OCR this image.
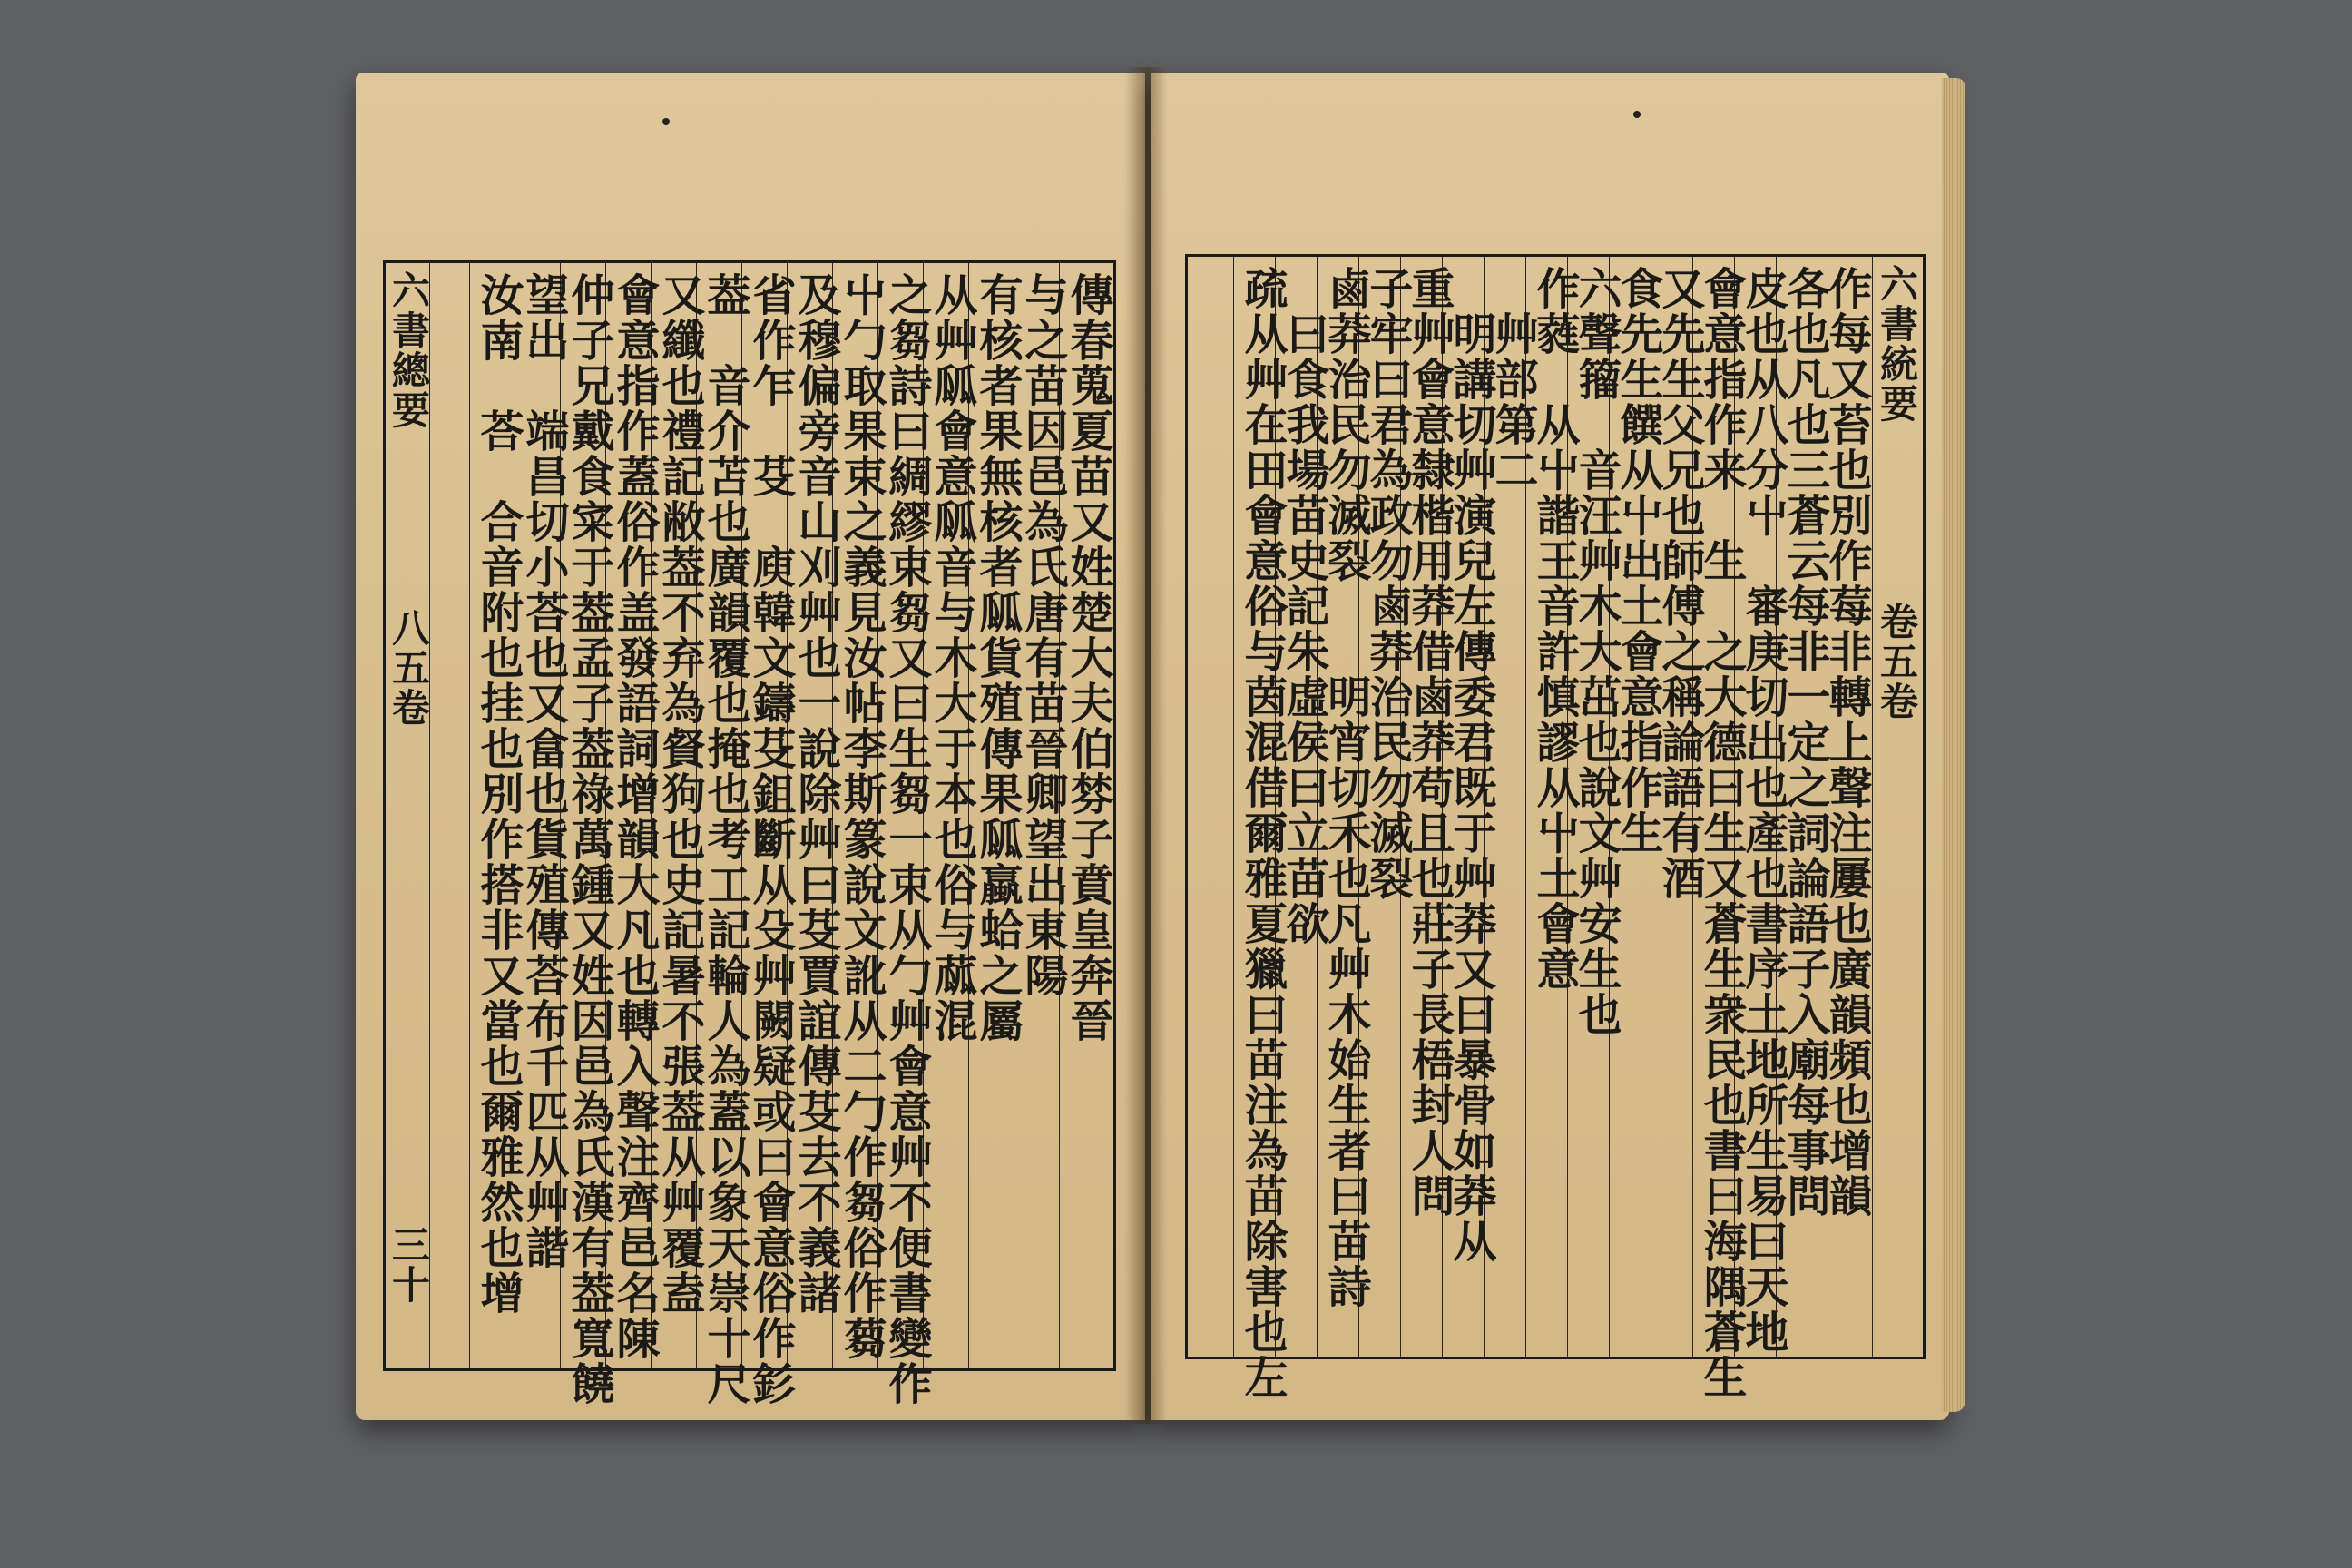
六書總要
八五卷
三十
傳春蒐夏苗又姓楚大夫伯棼子賁皇奔晉
与之苗因邑為氏唐有苗晉卿望出東陽
有核者果無核者㼌貨殖傳果㼌蠃蛤之屬
从艸㼌會意㼌音与木大于本也俗与蓏混
之芻詩曰綢繆束芻又曰生芻一束从勹艸會意艸不便書變作
屮勹取果束之義見汝帖李斯篆說文訛从二勹作芻俗作蒭
及穆偏旁音山刈艸也一說除艸曰芟賈誼傳芟去不義諸
省作乍　芟　庾韓文鑄芟鉏斷从殳艸闕疑或曰會意俗作釤
葢　音介苫也廣韻覆也掩也考工記輪人為蓋以象天崇十尺
又纖也禮記敝葢不弃為䝳狗也史記暑不張葢从艸覆盍
會意指作蓋俗作盖發語詞增韻大凡也轉入聲注齊邑名陳
仲子兄戴食寀于葢孟子葢祿萬鍾又姓因邑為氏漢有葢寬饒
望出　端昌切小荅也又畣也貨殖傳荅布千匹从艸諧
汝南　荅　合音附也挂也別作搭非又當也爾雅然也增	六書統要
卷五卷
作每又苔也別作莓非轉上聲注屢也廣韻頻也增韻
各也凡也三蒼云每非一定之詞論語子入廟每事問
皮也从八分屮　審庚切出也產也書序土地所生易曰天地
會意指作来　生　之大德曰生又蒼生衆民也書曰海隅蒼生
又先生父兄也師傅之稱論語有酒
食先生饌从屮出土會意指作生
六聲籀　音汪艸木大茁也說文艸安生也
作蕤　从屮諧王音許慎謬从屮土會意
　艸部第二
　明講切艸演兒左傳委君既于艸莽又曰暴骨如莽从
重艸會意隸楷用莽借鹵莽苟且也莊子長梧封人問
子牢曰君為政勿鹵莽治民勿滅裂
鹵莽治民勿滅裂　　明宵切禾也凡艸木始生者曰苗詩
　曰食我場苗史記朱虛侯曰立苗欲
疏从艸在田會意俗与茵混借爾雅夏獵曰苗注為苗除害也左
